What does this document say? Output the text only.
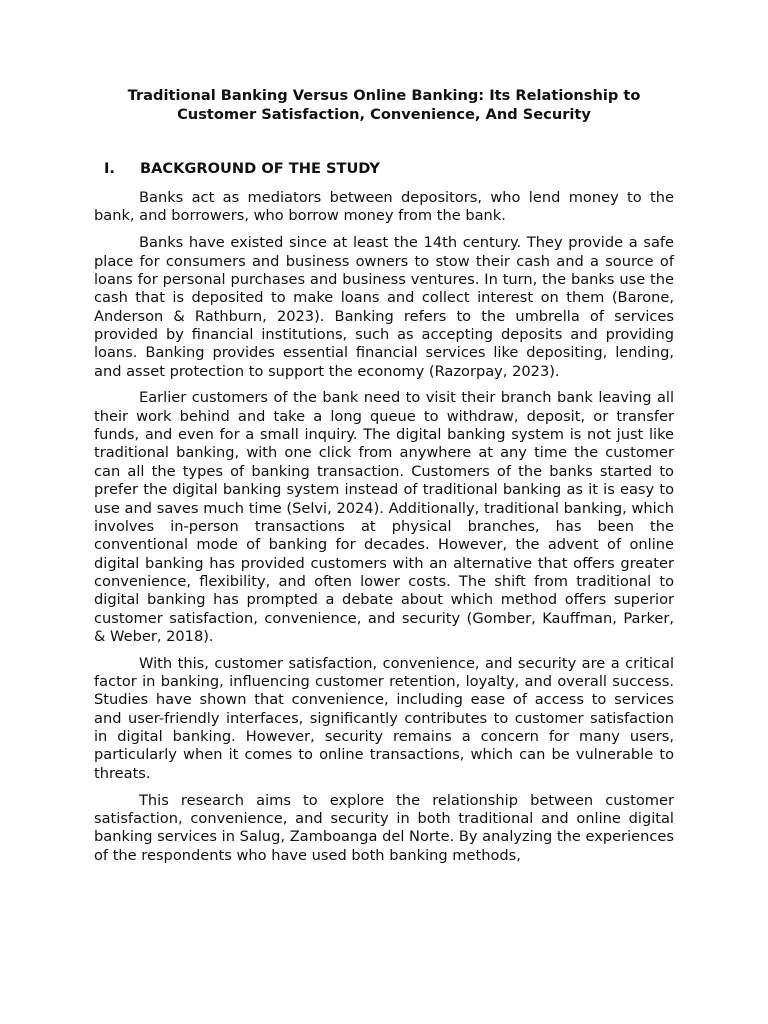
Traditional Banking Versus Online Banking: Its Relationship to Customer Satisfaction, Convenience, And Security
I. BACKGROUND OF THE STUDY

Banks act as mediators between depositors, who lend money to the bank, and borrowers, who borrow money from the bank.

Banks have existed since at least the 14th century. They provide a safe place for consumers and business owners to stow their cash and a source of loans for personal purchases and business ventures. In turn, the banks use the cash that is deposited to make loans and collect interest on them (Barone, Anderson & Rathburn, 2023). Banking refers to the umbrella of services provided by financial institutions, such as accepting deposits and providing loans. Banking provides essential financial services like depositing, lending, and asset protection to support the economy (Razorpay, 2023).

Earlier customers of the bank need to visit their branch bank leaving all their work behind and take a long queue to withdraw, deposit, or transfer funds, and even for a small inquiry. The digital banking system is not just like traditional banking, with one click from anywhere at any time the customer can all the types of banking transaction. Customers of the banks started to prefer the digital banking system instead of traditional banking as it is easy to use and saves much time (Selvi, 2024). Additionally, traditional banking, which involves in-person transactions at physical branches, has been the conventional mode of banking for decades. However, the advent of online digital banking has provided customers with an alternative that offers greater convenience, flexibility, and often lower costs. The shift from traditional to digital banking has prompted a debate about which method offers superior customer satisfaction, convenience, and security (Gomber, Kauffman, Parker, & Weber, 2018).

With this, customer satisfaction, convenience, and security are a critical factor in banking, influencing customer retention, loyalty, and overall success. Studies have shown that convenience, including ease of access to services and user-friendly interfaces, significantly contributes to customer satisfaction in digital banking. However, security remains a concern for many users, particularly when it comes to online transactions, which can be vulnerable to threats.

This research aims to explore the relationship between customer satisfaction, convenience, and security in both traditional and online digital banking services in Salug, Zamboanga del Norte. By analyzing the experiences of the respondents who have used both banking methods,
